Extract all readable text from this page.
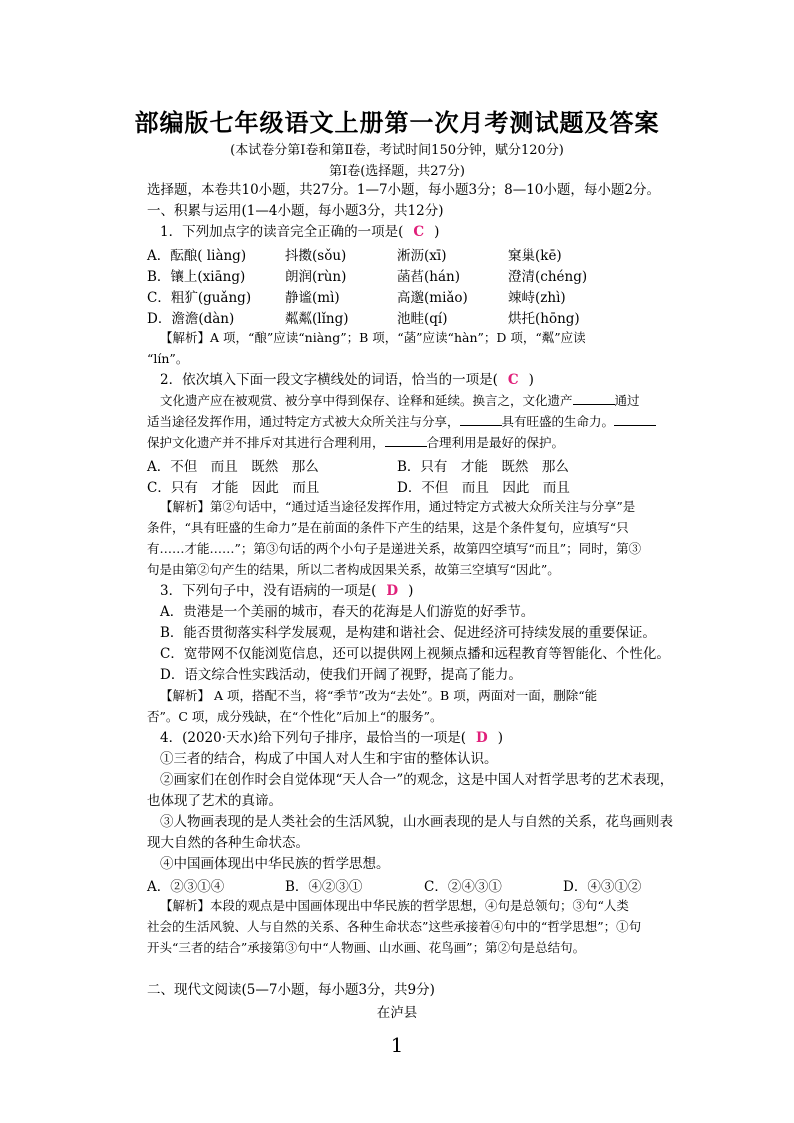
部编版七年级语文上册第一次月考测试题及答案
(本试卷分第Ⅰ卷和第Ⅱ卷，考试时间150分钟，赋分120分)
第Ⅰ卷(选择题，共27分)
选择题，本卷共10小题，共27分。1—7小题，每小题3分；8—10小题，每小题2分。
一、积累与运用(1—4小题，每小题3分，共12分)
1．下列加点字的读音完全正确的一项是( C )
A．酝酿( liàng)	抖擞(sǒu)	淅沥(xī)	窠巢(kē)
B．镶上(xiāng)	朗润(rùn)	菡萏(hán)	澄清(chéng)
C．粗犷(guǎng)	静谧(mì)	高邈(miǎo)	竦峙(zhì)
D．澹澹(dàn)	粼粼(lǐng)	池畦(qí)	烘托(hōng)
【解析】A 项，“酿”应读“niàng”；B 项，“菡”应读“hàn”；D 项，“粼”应读
“lín”。
2．依次填入下面一段文字横线处的词语，恰当的一项是( C )
文化遗产应在被观赏、被分享中得到保存、诠释和延续。换言之，文化遗产	通过
适当途径发挥作用，通过特定方式被大众所关注与分享，	具有旺盛的生命力。
保护文化遗产并不排斥对其进行合理利用，	合理利用是最好的保护。
A．不但　而且　既然　那么	B．只有　才能　既然　那么
C．只有　才能　因此　而且	D．不但　而且　因此　而且
【解析】第②句话中，“通过适当途径发挥作用，通过特定方式被大众所关注与分享”是
条件，“具有旺盛的生命力”是在前面的条件下产生的结果，这是个条件复句，应填写“只
有……才能……”；第③句话的两个小句子是递进关系，故第四空填写“而且”；同时，第③
句是由第②句产生的结果，所以二者构成因果关系，故第三空填写“因此”。
3．下列句子中，没有语病的一项是( D )
A．贵港是一个美丽的城市，春天的花海是人们游览的好季节。
B．能否贯彻落实科学发展观，是构建和谐社会、促进经济可持续发展的重要保证。
C．宽带网不仅能浏览信息，还可以提供网上视频点播和远程教育等智能化、个性化。
D．语文综合性实践活动，使我们开阔了视野，提高了能力。
【解析】 A 项，搭配不当，将“季节”改为“去处”。B 项，两面对一面，删除“能
否”。C 项，成分残缺，在“个性化”后加上“的服务”。
4．(2020·天水)给下列句子排序，最恰当的一项是( D )
①三者的结合，构成了中国人对人生和宇宙的整体认识。
②画家们在创作时会自觉体现“天人合一”的观念，这是中国人对哲学思考的艺术表现，
也体现了艺术的真谛。
③人物画表现的是人类社会的生活风貌，山水画表现的是人与自然的关系，花鸟画则表
现大自然的各种生命状态。
④中国画体现出中华民族的哲学思想。
A．②③①④	B．④②③①	C．②④③①	D．④③①②
【解析】本段的观点是中国画体现出中华民族的哲学思想，④句是总领句；③句“人类
社会的生活风貌、人与自然的关系、各种生命状态”这些承接着④句中的“哲学思想”；①句
开头“三者的结合”承接第③句中“人物画、山水画、花鸟画”；第②句是总结句。
二、现代文阅读(5—7小题，每小题3分，共9分)
在泸县
1
